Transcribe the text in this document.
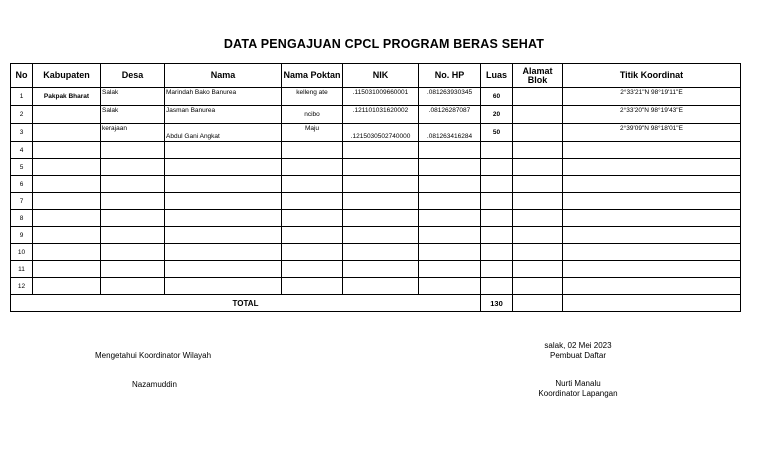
DATA PENGAJUAN CPCL PROGRAM BERAS SEHAT
No	Kabupaten	Desa	Nama	Nama Poktan	NIK	No. HP	Luas	Alamat Blok	Titik Koordinat
1	Pakpak Bharat	Salak	Marindah Bako Banurea	kelleng ate	.115031009660001	.081263930345	60		2°33'21"N 98°19'11"E
2		Salak	Jasman Banurea	ncibo	.121101031620002	.08126287087	20		2°33'20"N 98°19'43"E
3		kerajaan	Abdul Gani Angkat	Maju	.1215030502740000	.081263416284	50		2°39'09"N 98°18'01"E
4									
5									
6									
7									
8									
9									
10									
11									
12									
TOTAL							130		
Mengetahui Koordinator Wilayah
Nazamuddin
salak, 02 Mei 2023
Pembuat Daftar
Nurti Manalu
Koordinator Lapangan
